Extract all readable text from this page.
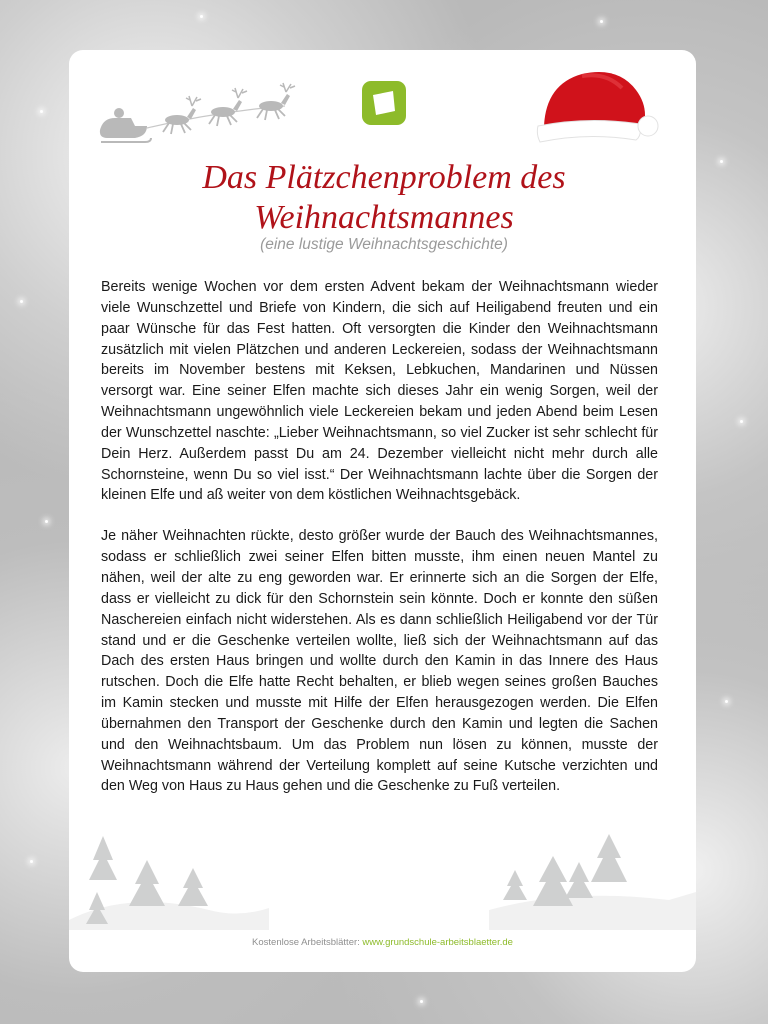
Das Plätzchenproblem des Weihnachtsmannes

(eine lustige Weihnachtsgeschichte)

Bereits wenige Wochen vor dem ersten Advent bekam der Weihnachtsmann wieder viele Wunschzettel und Briefe von Kindern, die sich auf Heiligabend freuten und ein paar Wünsche für das Fest hatten. Oft versorgten die Kinder den Weihnachtsmann zusätzlich mit vielen Plätzchen und anderen Leckereien, sodass der Weihnachtsmann bereits im November bestens mit Keksen, Lebkuchen, Mandarinen und Nüssen versorgt war. Eine seiner Elfen machte sich dieses Jahr ein wenig Sorgen, weil der Weihnachtsmann ungewöhnlich viele Leckereien bekam und jeden Abend beim Lesen der Wunschzettel naschte: „Lieber Weihnachtsmann, so viel Zucker ist sehr schlecht für Dein Herz. Außerdem passt Du am 24. Dezember vielleicht nicht mehr durch alle Schornsteine, wenn Du so viel isst.“ Der Weihnachtsmann lachte über die Sorgen der kleinen Elfe und aß weiter von dem köstlichen Weihnachtsgebäck.

Je näher Weihnachten rückte, desto größer wurde der Bauch des Weihnachtsmannes, sodass er schließlich zwei seiner Elfen bitten musste, ihm einen neuen Mantel zu nähen, weil der alte zu eng geworden war. Er erinnerte sich an die Sorgen der Elfe, dass er vielleicht zu dick für den Schornstein sein könnte. Doch er konnte den süßen Naschereien einfach nicht widerstehen. Als es dann schließlich Heiligabend vor der Tür stand und er die Geschenke verteilen wollte, ließ sich der Weihnachtsmann auf das Dach des ersten Haus bringen und wollte durch den Kamin in das Innere des Haus rutschen. Doch die Elfe hatte Recht behalten, er blieb wegen seines großen Bauches im Kamin stecken und musste mit Hilfe der Elfen herausgezogen werden. Die Elfen übernahmen den Transport der Geschenke durch den Kamin und legten die Sachen und den Weihnachtsbaum. Um das Problem nun lösen zu können, musste der Weihnachtsmann während der Verteilung komplett auf seine Kutsche verzichten und den Weg von Haus zu Haus gehen und die Geschenke zu Fuß verteilen.

Kostenlose Arbeitsblätter: www.grundschule-arbeitsblaetter.de
